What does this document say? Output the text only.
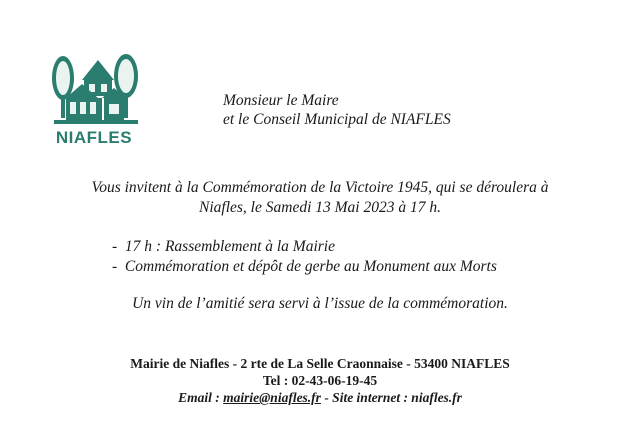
NIAFLES
Monsieur le Maire
et le Conseil Municipal de NIAFLES
Vous invitent à la Commémoration de la Victoire 1945, qui se déroulera à
Niafles, le Samedi 13 Mai 2023 à 17 h.
-  17 h : Rassemblement à la Mairie
-  Commémoration et dépôt de gerbe au Monument aux Morts
Un vin de l’amitié sera servi à l’issue de la commémoration.
Mairie de Niafles - 2 rte de La Selle Craonnaise - 53400 NIAFLES
Tel : 02-43-06-19-45
Email : mairie@niafles.fr - Site internet : niafles.fr
